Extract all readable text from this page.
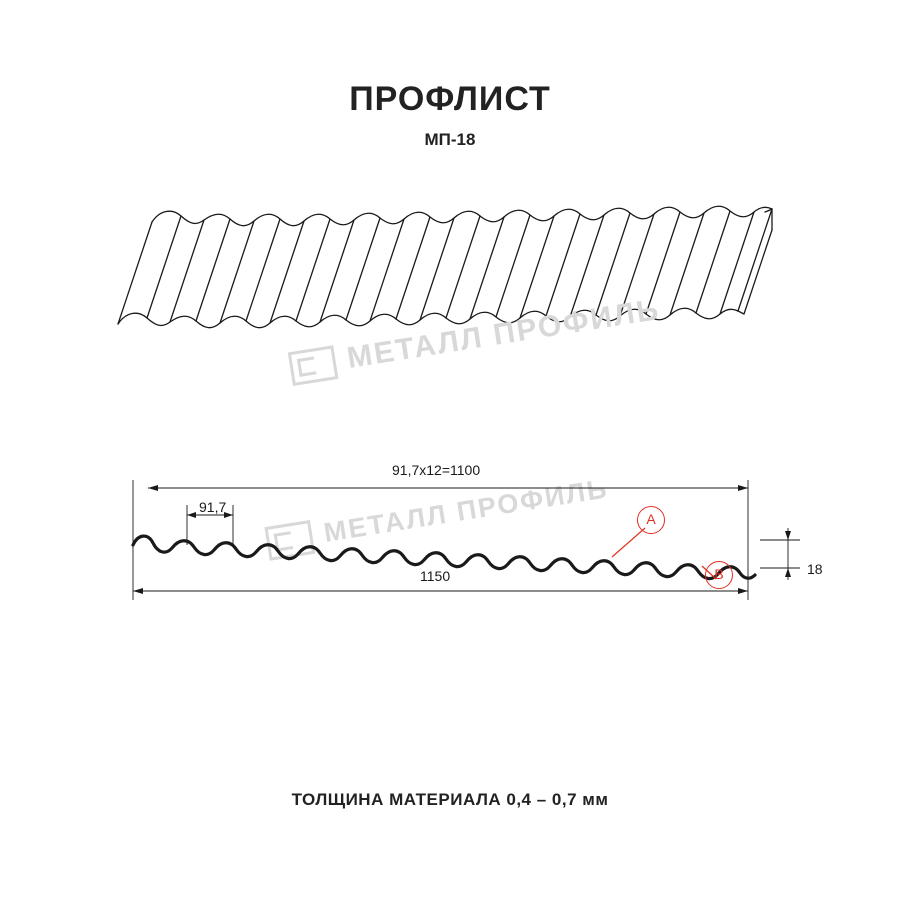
ПРОФЛИСТ
МП-18
МЕТАЛЛ ПРОФИЛЬ
МЕТАЛЛ ПРОФИЛЬ
91,7x12=1100
91,7
1150	18
A
B
ТОЛЩИНА МАТЕРИАЛА 0,4 – 0,7 мм
